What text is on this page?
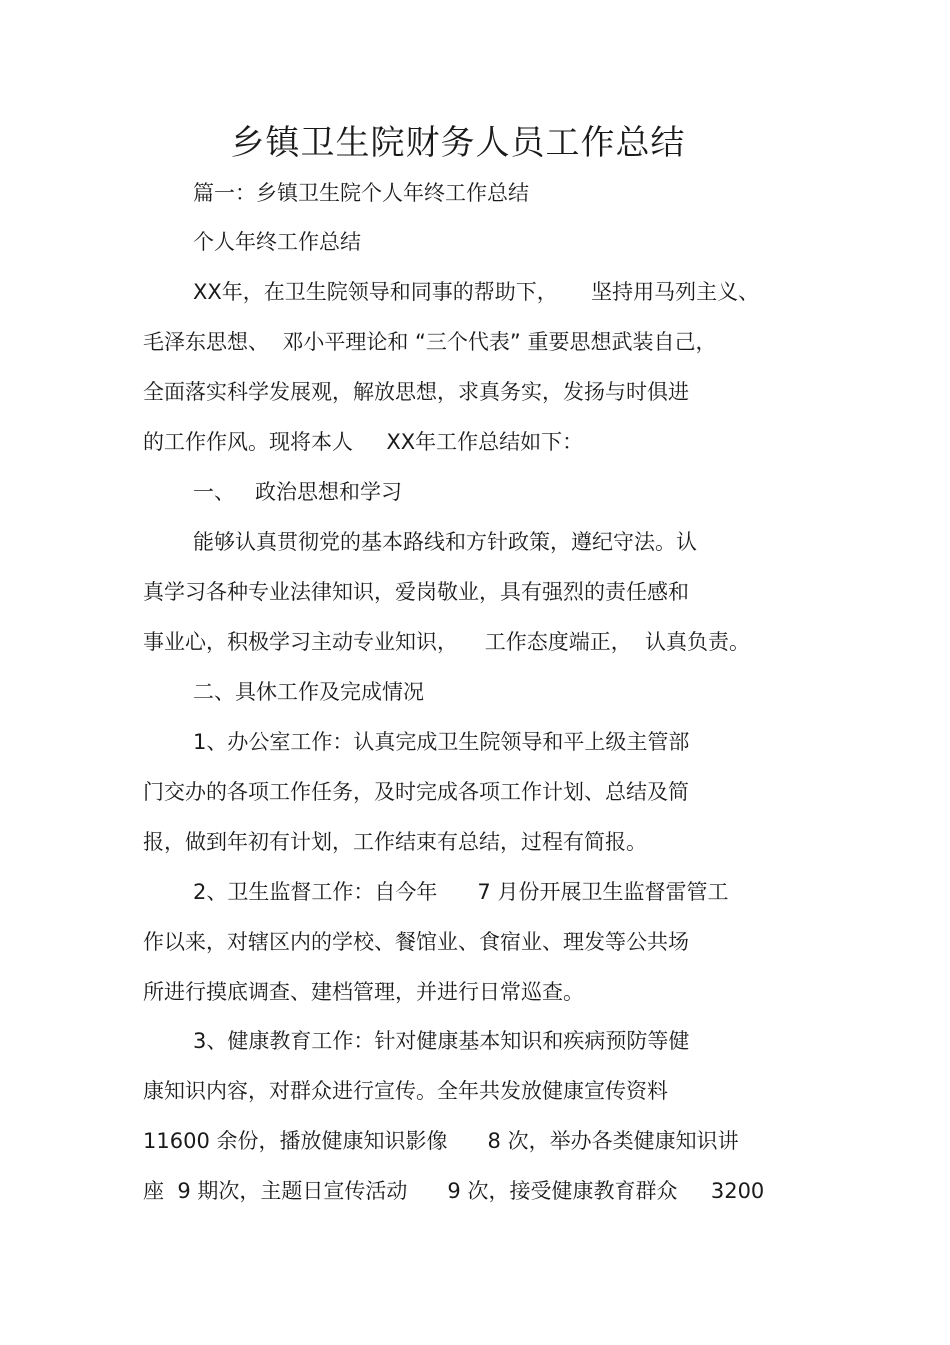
乡镇卫生院财务人员工作总结

篇一：乡镇卫生院个人年终工作总结

个人年终工作总结

XX年，在卫生院领导和同事的帮助下，     坚持用马列主义、

毛泽东思想、  邓小平理论和 “三个代表” 重要思想武装自己，

全面落实科学发展观，解放思想，求真务实，发扬与时俱进

的工作作风。现将本人     XX年工作总结如下：

一、   政治思想和学习

能够认真贯彻党的基本路线和方针政策，遵纪守法。认

真学习各种专业法律知识，爱岗敬业，具有强烈的责任感和

事业心，积极学习主动专业知识，    工作态度端正，  认真负责。

二、具休工作及完成情况

1、办公室工作：认真完成卫生院领导和平上级主管部

门交办的各项工作任务，及时完成各项工作计划、总结及简

报，做到年初有计划，工作结束有总结，过程有简报。

2、卫生监督工作：自今年      7 月份开展卫生监督雷管工

作以来，对辖区内的学校、餐馆业、食宿业、理发等公共场

所进行摸底调查、建档管理，并进行日常巡查。

3、健康教育工作：针对健康基本知识和疾病预防等健

康知识内容，对群众进行宣传。全年共发放健康宣传资料

11600 余份，播放健康知识影像      8 次，举办各类健康知识讲

座  9 期次，主题日宣传活动      9 次，接受健康教育群众     3200
